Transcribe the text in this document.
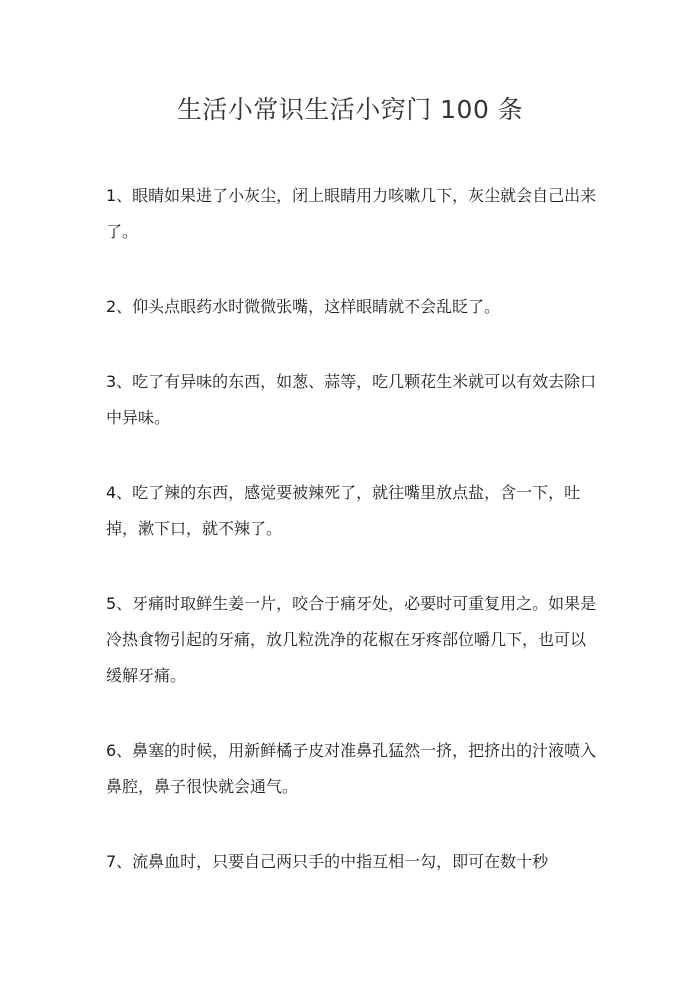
生活小常识生活小窍门 100 条

1、眼睛如果进了小灰尘，闭上眼睛用力咳嗽几下，灰尘就会自己出来了。

2、仰头点眼药水时微微张嘴，这样眼睛就不会乱眨了。

3、吃了有异味的东西，如葱、蒜等，吃几颗花生米就可以有效去除口中异味。

4、吃了辣的东西，感觉要被辣死了，就往嘴里放点盐，含一下，吐掉，漱下口，就不辣了。

5、牙痛时取鲜生姜一片，咬合于痛牙处，必要时可重复用之。如果是冷热食物引起的牙痛，放几粒洗净的花椒在牙疼部位嚼几下，也可以缓解牙痛。

6、鼻塞的时候，用新鲜橘子皮对准鼻孔猛然一挤，把挤出的汁液喷入鼻腔，鼻子很快就会通气。

7、流鼻血时，只要自己两只手的中指互相一勾，即可在数十秒
